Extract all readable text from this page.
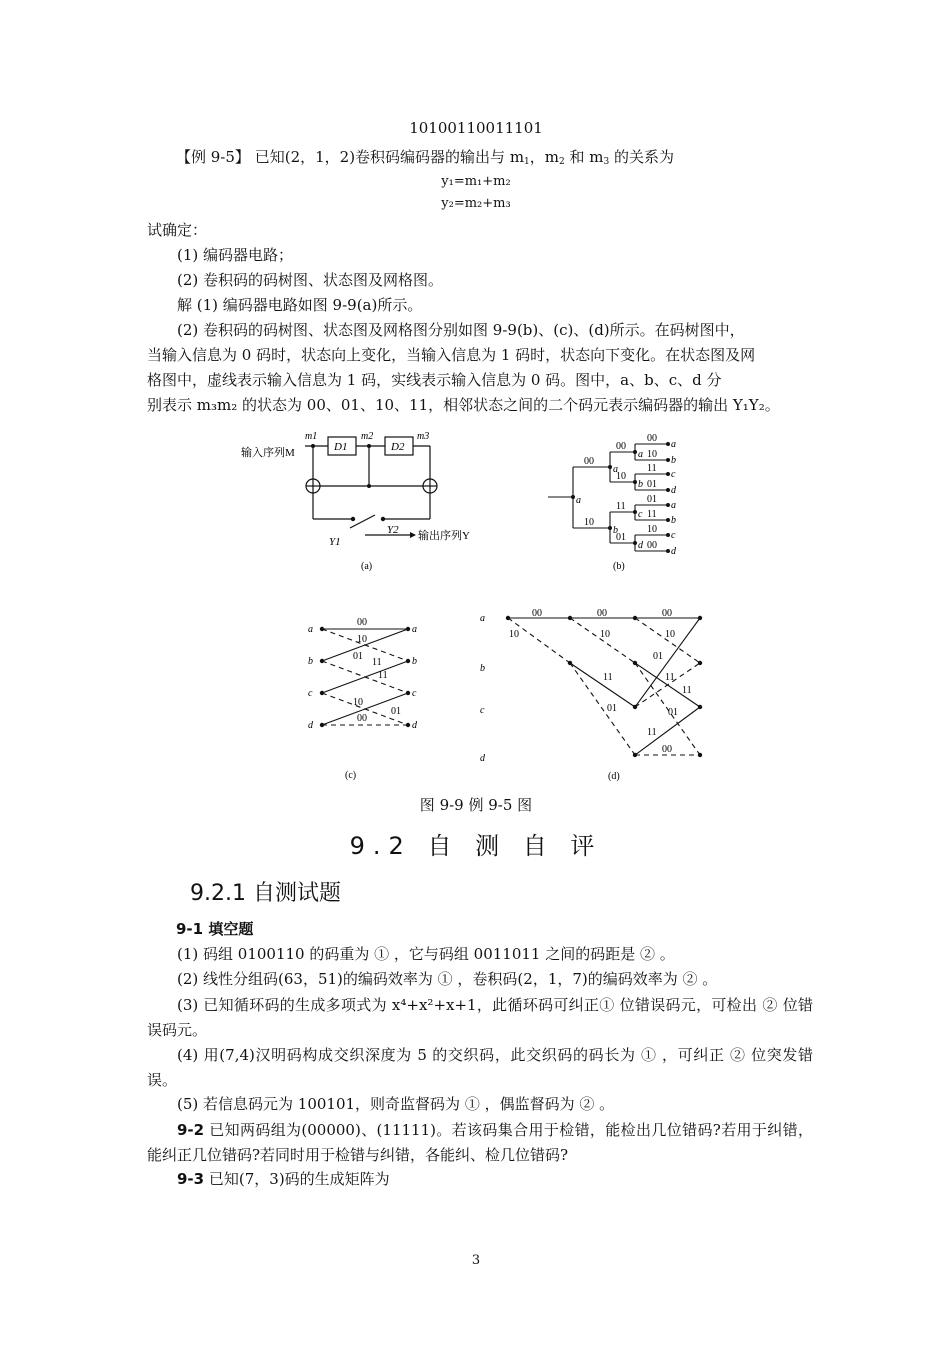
10100110011101
【例 9-5】 已知(2，1，2)卷积码编码器的输出与 $m_1$，$m_2$ 和 $m_3$ 的关系为
y₁=m₁+m₂
y₂=m₂+m₃
试确定：
(1) 编码器电路；
(2) 卷积码的码树图、状态图及网格图。
解 (1) 编码器电路如图 9-9(a)所示。
(2) 卷积码的码树图、状态图及网格图分别如图 9-9(b)、(c)、(d)所示。在码树图中，
当输入信息为 0 码时，状态向上变化，当输入信息为 1 码时，状态向下变化。在状态图及网
格图中，虚线表示输入信息为 1 码，实线表示输入信息为 0 码。图中，a、b、c、d 分
别表示 m₃m₂ 的状态为 00、01、10、11，相邻状态之间的二个码元表示编码器的输出 Y₁Y₂。
m1	m2	m3
D1	D2
输入序列M
Y1
Y2 输出序列Y
(a)
00
10
00
10
11
01
00
10
11
01
01
11
10
00
a
a
b
a
b
c
d
a
b
c
d
a
b
c
d
(b)
00
10
01
11
11
10
01
00
a
b
c
d
a
b
c
d
(c)
00	00	00
10	10	10
01
11	11
11
01	01
11
00
a
b
c
d
(d)
图 9-9 例 9-5 图
9.2 自 测 自 评
9.2.1 自测试题
9-1 填空题
(1) 码组 0100110 的码重为 ① ，它与码组 0011011 之间的码距是 ② 。
(2) 线性分组码(63，51)的编码效率为 ① ，卷积码(2，1，7)的编码效率为 ② 。
(3) 已知循环码的生成多项式为 x⁴+x²+x+1，此循环码可纠正① 位错误码元，可检出 ② 位错误码元。
(4) 用(7,4)汉明码构成交织深度为 5 的交织码，此交织码的码长为 ① ，可纠正 ② 位突发错误。
(5) 若信息码元为 100101，则奇监督码为 ① ，偶监督码为 ② 。
9-2 已知两码组为(00000)、(11111)。若该码集合用于检错，能检出几位错码?若用于纠错，能纠正几位错码?若同时用于检错与纠错，各能纠、检几位错码?
9-3 已知(7，3)码的生成矩阵为
3
